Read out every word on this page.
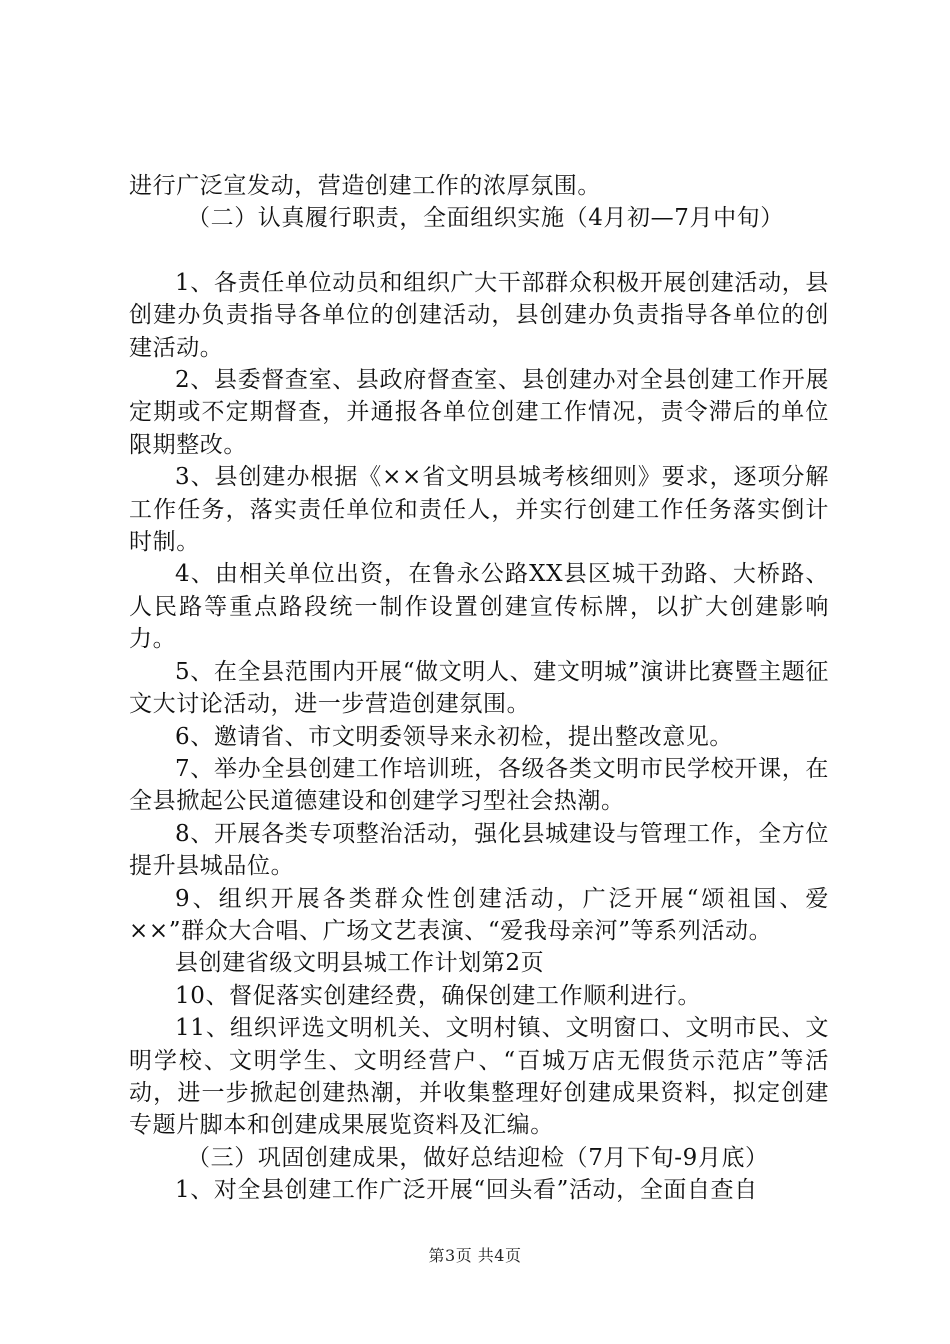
进行广泛宣发动，营造创建工作的浓厚氛围。

（二）认真履行职责，全面组织实施（4月初—7月中旬）

1、各责任单位动员和组织广大干部群众积极开展创建活动，县创建办负责指导各单位的创建活动，县创建办负责指导各单位的创建活动。

2、县委督查室、县政府督查室、县创建办对全县创建工作开展定期或不定期督查，并通报各单位创建工作情况，责令滞后的单位限期整改。

3、县创建办根据《××省文明县城考核细则》要求，逐项分解工作任务，落实责任单位和责任人，并实行创建工作任务落实倒计时制。

4、由相关单位出资，在鲁永公路XX县区城干劲路、大桥路、人民路等重点路段统一制作设置创建宣传标牌，以扩大创建影响力。

5、在全县范围内开展“做文明人、建文明城”演讲比赛暨主题征文大讨论活动，进一步营造创建氛围。

6、邀请省、市文明委领导来永初检，提出整改意见。

7、举办全县创建工作培训班，各级各类文明市民学校开课，在全县掀起公民道德建设和创建学习型社会热潮。

8、开展各类专项整治活动，强化县城建设与管理工作，全方位提升县城品位。

9、组织开展各类群众性创建活动，广泛开展“颂祖国、爱××”群众大合唱、广场文艺表演、“爱我母亲河”等系列活动。

县创建省级文明县城工作计划第2页

10、督促落实创建经费，确保创建工作顺利进行。

11、组织评选文明机关、文明村镇、文明窗口、文明市民、文明学校、文明学生、文明经营户、“百城万店无假货示范店”等活动，进一步掀起创建热潮，并收集整理好创建成果资料，拟定创建专题片脚本和创建成果展览资料及汇编。

（三）巩固创建成果，做好总结迎检（7月下旬-9月底）

1、对全县创建工作广泛开展“回头看”活动，全面自查自

第3页 共4页
